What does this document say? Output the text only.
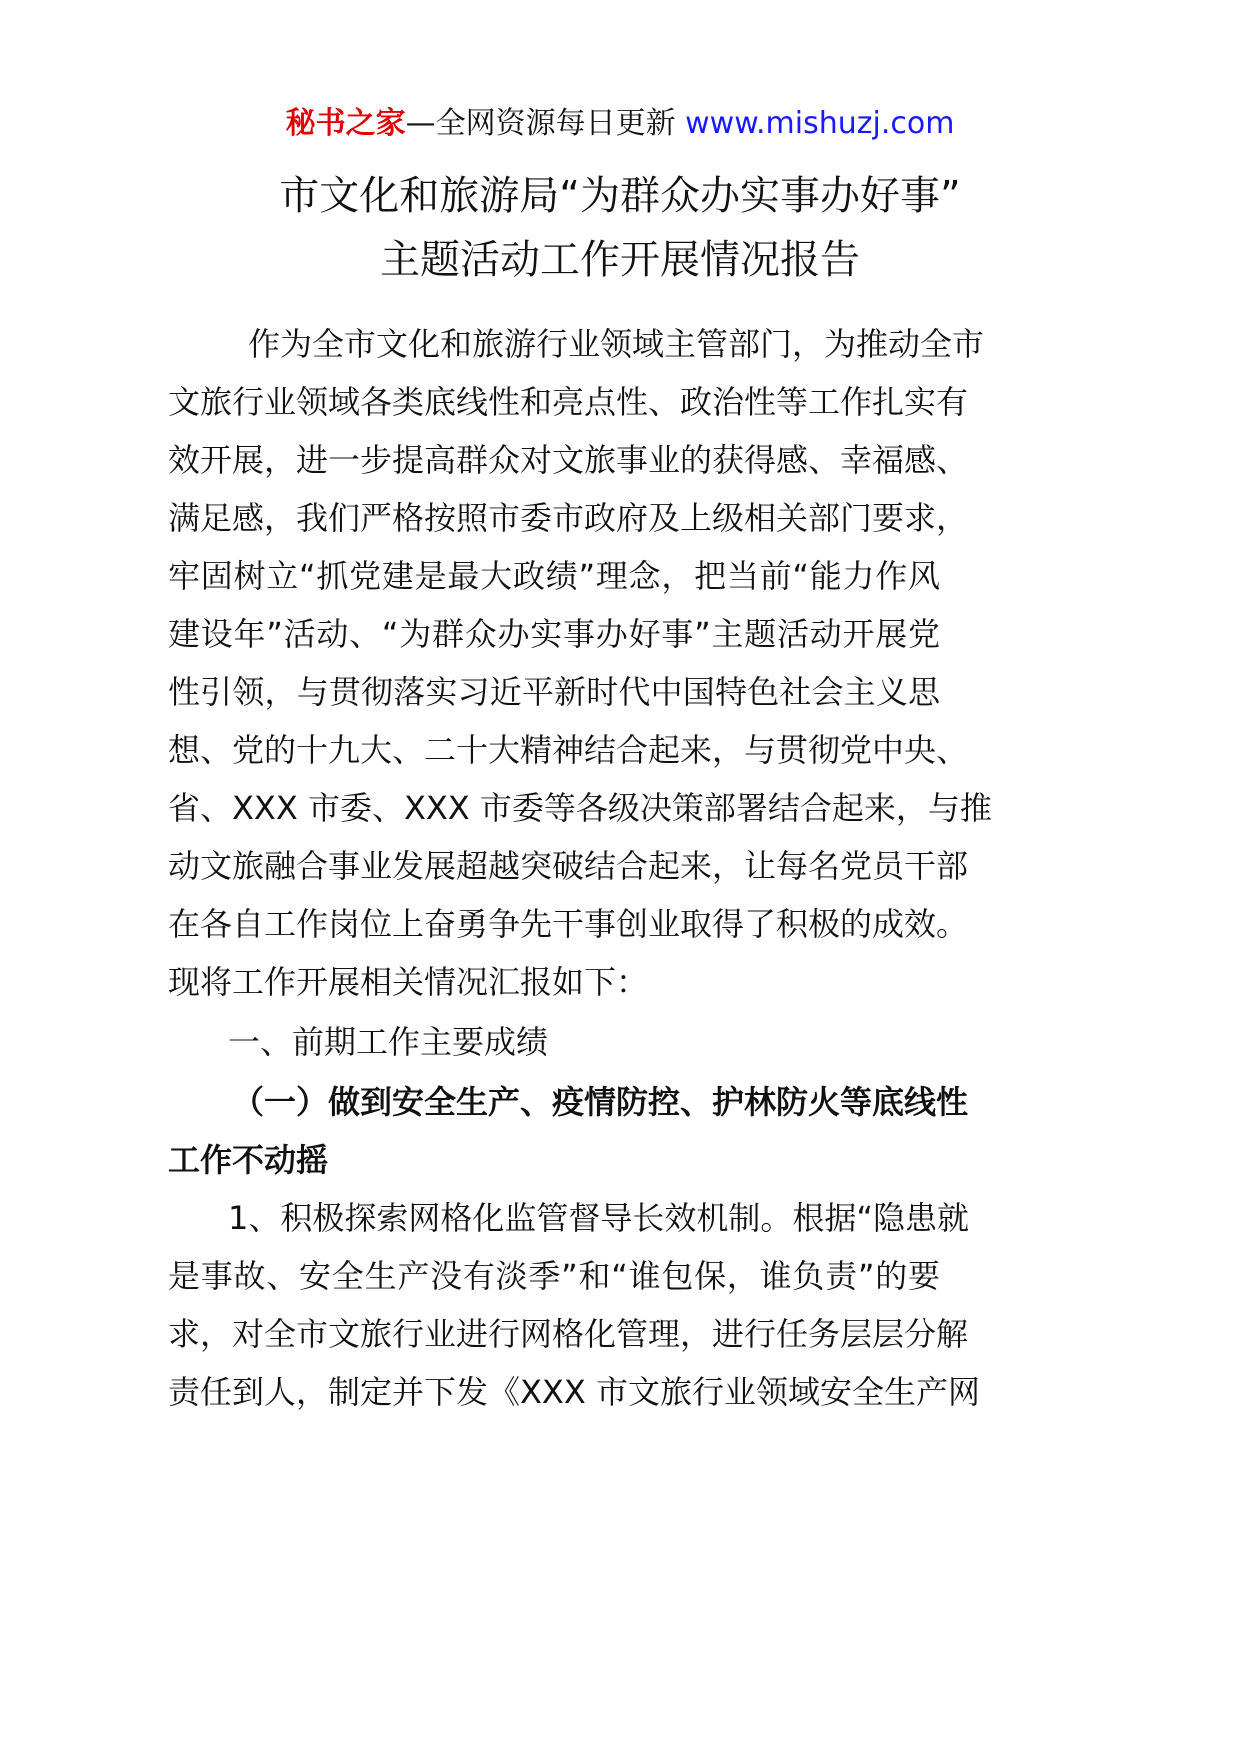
秘书之家—全网资源每日更新 www.mishuzj.com
市文化和旅游局“为群众办实事办好事”
主题活动工作开展情况报告
作为全市文化和旅游行业领域主管部门，为推动全市
文旅行业领域各类底线性和亮点性、政治性等工作扎实有
效开展，进一步提高群众对文旅事业的获得感、幸福感、
满足感，我们严格按照市委市政府及上级相关部门要求，
牢固树立“抓党建是最大政绩”理念，把当前“能力作风
建设年”活动、“为群众办实事办好事”主题活动开展党
性引领，与贯彻落实习近平新时代中国特色社会主义思
想、党的十九大、二十大精神结合起来，与贯彻党中央、
省、XXX 市委、XXX 市委等各级决策部署结合起来，与推
动文旅融合事业发展超越突破结合起来，让每名党员干部
在各自工作岗位上奋勇争先干事创业取得了积极的成效。
现将工作开展相关情况汇报如下：
一、前期工作主要成绩
（一）做到安全生产、疫情防控、护林防火等底线性
工作不动摇
1、积极探索网格化监管督导长效机制。根据“隐患就
是事故、安全生产没有淡季”和“谁包保，谁负责”的要
求，对全市文旅行业进行网格化管理，进行任务层层分解
责任到人，制定并下发《XXX 市文旅行业领域安全生产网
